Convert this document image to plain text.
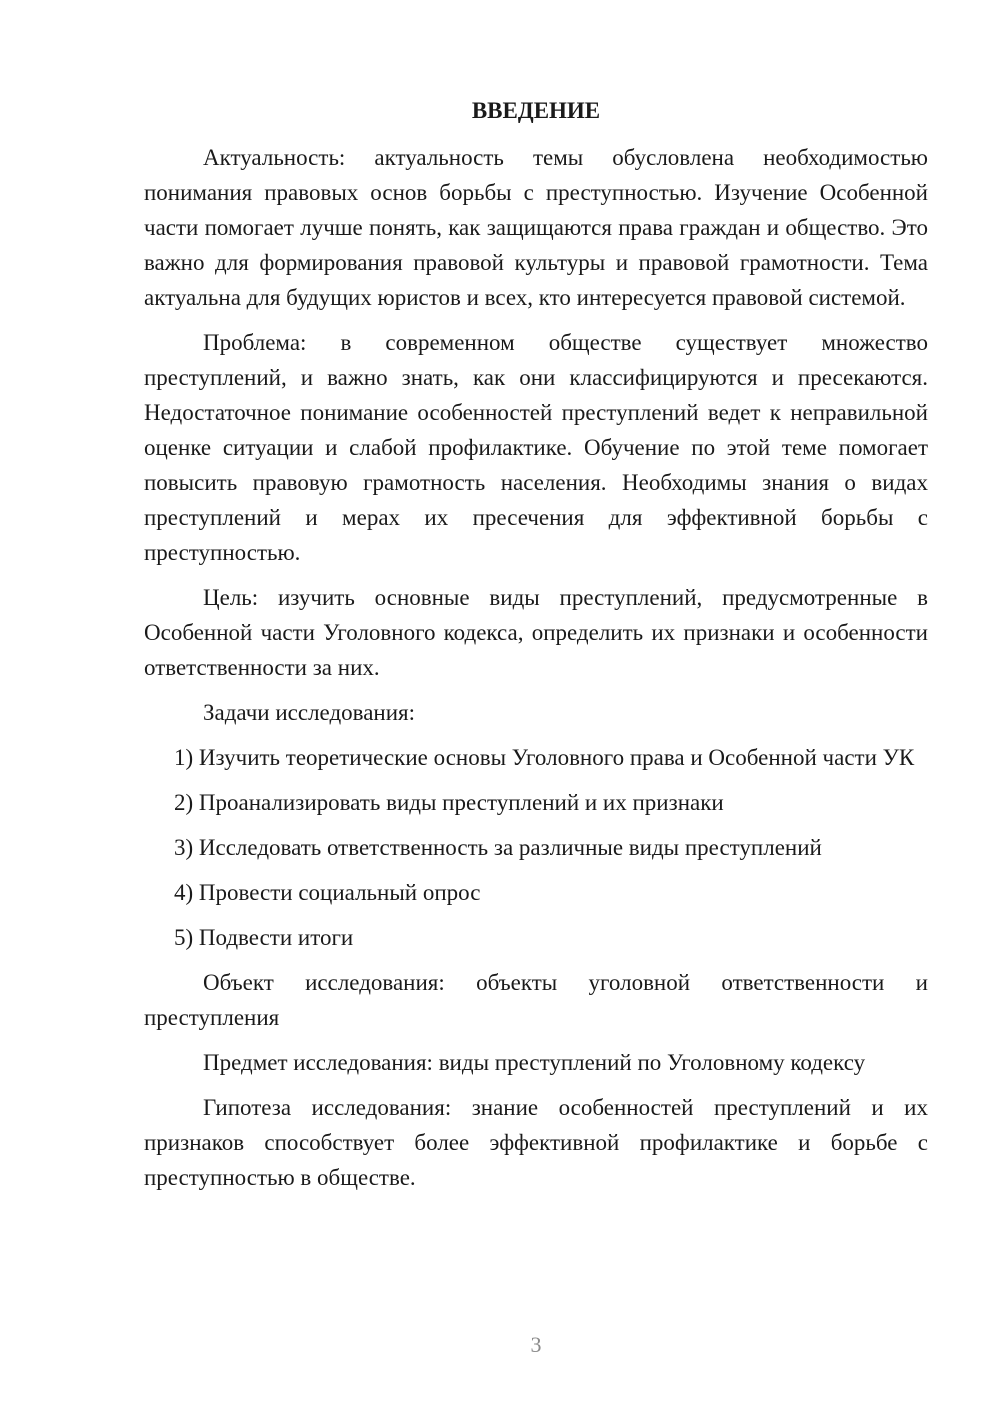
ВВЕДЕНИЕ

Актуальность: актуальность темы обусловлена необходимостью понимания правовых основ борьбы с преступностью. Изучение Особенной части помогает лучше понять, как защищаются права граждан и общество. Это важно для формирования правовой культуры и правовой грамотности. Тема актуальна для будущих юристов и всех, кто интересуется правовой системой.

Проблема: в современном обществе существует множество преступлений, и важно знать, как они классифицируются и пресекаются. Недостаточное понимание особенностей преступлений ведет к неправильной оценке ситуации и слабой профилактике. Обучение по этой теме помогает повысить правовую грамотность населения. Необходимы знания о видах преступлений и мерах их пресечения для эффективной борьбы с преступностью.

Цель: изучить основные виды преступлений, предусмотренные в Особенной части Уголовного кодекса, определить их признаки и особенности ответственности за них.

Задачи исследования:

1) Изучить теоретические основы Уголовного права и Особенной части УК

2) Проанализировать виды преступлений и их признаки

3) Исследовать ответственность за различные виды преступлений

4) Провести социальный опрос

5) Подвести итоги

Объект исследования: объекты уголовной ответственности и преступления

Предмет исследования: виды преступлений по Уголовному кодексу

Гипотеза исследования: знание особенностей преступлений и их признаков способствует более эффективной профилактике и борьбе с преступностью в обществе.

3
